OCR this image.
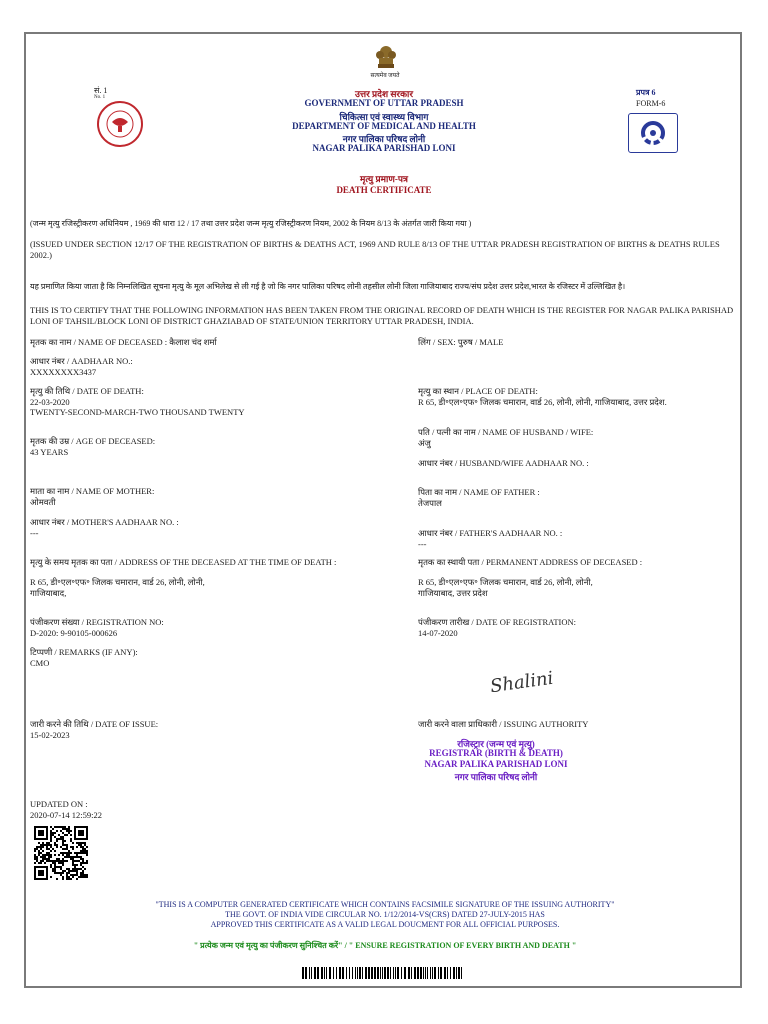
सत्यमेव जयते
सं. 1
No. 1	उत्तर प्रदेश सरकार
GOVERNMENT OF UTTAR PRADESH
चिकित्सा एवं स्वास्थ्य विभाग
DEPARTMENT OF MEDICAL AND HEALTH
नगर पालिका परिषद लोनी
NAGAR PALIKA PARISHAD LONI
प्रपत्र 6
FORM-6
मृत्यु प्रमाण-पत्र
DEATH CERTIFICATE
(जन्म मृत्यु रजिस्ट्रीकरण अधिनियम , 1969 की धारा 12 / 17 तथा उत्तर प्रदेश जन्म मृत्यु रजिस्ट्रीकरण नियम, 2002 के नियम 8/13 के अंतर्गत जारी किया गया )
(ISSUED UNDER SECTION 12/17 OF THE REGISTRATION OF BIRTHS & DEATHS ACT, 1969 AND RULE 8/13 OF THE UTTAR PRADESH REGISTRATION OF BIRTHS & DEATHS RULES 2002.)
यह प्रमाणित किया जाता है कि निम्नलिखित सूचना मृत्यु के मूल अभिलेख से ली गई है जो कि नगर पालिका परिषद लोनी तहसील लोनी जिला गाजियाबाद राज्य/संघ प्रदेश उत्तर प्रदेश,भारत के रजिस्टर में उल्लिखित है।
THIS IS TO CERTIFY THAT THE FOLLOWING INFORMATION HAS BEEN TAKEN FROM THE ORIGINAL RECORD OF DEATH WHICH IS THE REGISTER FOR NAGAR PALIKA PARISHAD LONI OF TAHSIL/BLOCK LONI OF DISTRICT GHAZIABAD OF STATE/UNION TERRITORY UTTAR PRADESH, INDIA.
मृतक का नाम / NAME OF DECEASED : कैलाश चंद शर्मा	लिंग / SEX: पुरुष / MALE
आधार नंबर / AADHAAR NO.:
XXXXXXXX3437
मृत्यु की तिथि / DATE OF DEATH:
22-03-2020
TWENTY-SECOND-MARCH-TWO THOUSAND TWENTY
मृत्यु का स्थान / PLACE OF DEATH:
R 65, डी॰एल॰एफ॰ जिलक चमारान, वार्ड 26, लोनी, लोनी, गाजियाबाद, उत्तर प्रदेश.
मृतक की उम्र / AGE OF DECEASED:
43 YEARS
पति / पत्नी का नाम / NAME OF HUSBAND / WIFE:
अंजु
आधार नंबर / HUSBAND/WIFE AADHAAR NO. :
माता का नाम / NAME OF MOTHER:
ओमवती
पिता का नाम / NAME OF FATHER :
तेजपाल
आधार नंबर / MOTHER'S AADHAAR NO. :
---	आधार नंबर / FATHER'S AADHAAR NO. :
---
मृत्यु के समय मृतक का पता / ADDRESS OF THE DECEASED AT THE TIME OF DEATH :
R 65, डी॰एल॰एफ॰ जिलक चमारान, वार्ड 26, लोनी, लोनी, गाजियाबाद,
मृतक का स्थायी पता / PERMANENT ADDRESS OF DECEASED :
R 65, डी॰एल॰एफ॰ जिलक चमारान, वार्ड 26, लोनी, लोनी, गाजियाबाद, उत्तर प्रदेश
पंजीकरण संख्या / REGISTRATION NO:
D-2020: 9-90105-000626
पंजीकरण तारीख / DATE OF REGISTRATION:
14-07-2020
टिप्पणी / REMARKS (IF ANY):
CMO
Shalini
जारी करने की तिथि / DATE OF ISSUE:
15-02-2023
जारी करने वाला प्राधिकारी / ISSUING AUTHORITY
रजिस्ट्रार (जन्म एवं मृत्यु)
REGISTRAR (BIRTH & DEATH)
NAGAR PALIKA PARISHAD LONI
नगर पालिका परिषद लोनी
UPDATED ON :
2020-07-14 12:59:22
"THIS IS A COMPUTER GENERATED CERTIFICATE WHICH CONTAINS FACSIMILE SIGNATURE OF THE ISSUING AUTHORITY"
THE GOVT. OF INDIA VIDE CIRCULAR NO. 1/12/2014-VS(CRS) DATED 27-JULY-2015 HAS
APPROVED THIS CERTIFICATE AS A VALID LEGAL DOUCMENT FOR ALL OFFICIAL PURPOSES.
" प्रत्येक जन्म एवं मृत्यु का पंजीकरण सुनिश्चित करें" / " ENSURE REGISTRATION OF EVERY BIRTH AND DEATH "
